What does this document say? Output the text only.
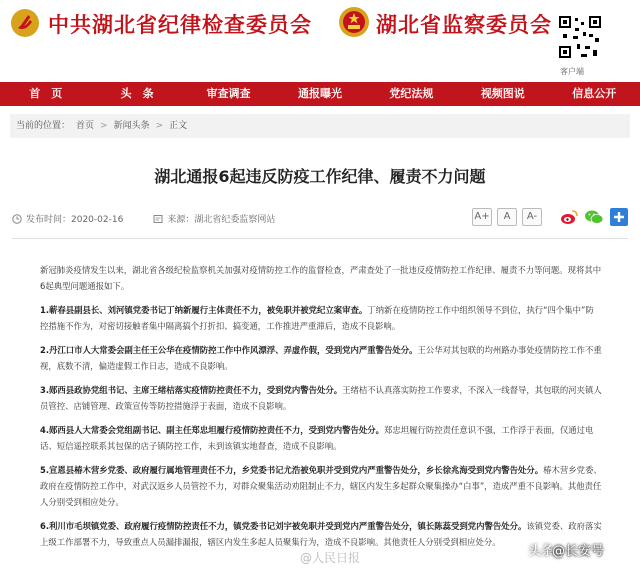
中共湖北省纪律检查委员会	湖北省监察委员会
客户端
首　页	头　条	审查调查	通报曝光	党纪法规	视频图说	信息公开
当前的位置： 首页 > 新闻头条 > 正文
湖北通报6起违反防疫工作纪律、履责不力问题
发布时间：2020-02-16	来源：湖北省纪委监察网站	A+	A	A-

新冠肺炎疫情发生以来，湖北省各级纪检监察机关加强对疫情防控工作的监督检查，严肃查处了一批违反疫情防控工作纪律、履责不力等问题。现将其中6起典型问题通报如下。

1.蕲春县副县长、刘河镇党委书记丁纳新履行主体责任不力，被免职并被党纪立案审查。丁纳新在疫情防控工作中组织领导不到位，执行“四个集中”防控措施不作为，对密切接触者集中隔离搞个打折扣、搞变通，工作推进严重滞后，造成不良影响。

2.丹江口市人大常委会副主任王公华在疫情防控工作中作风漂浮、弄虚作假，受到党内严重警告处分。王公华对其包联的均州路办事处疫情防控工作不重视，底数不清，偏造虚假工作日志，造成不良影响。

3.郧西县政协党组书记、主席王绪桔落实疫情防控责任不力，受到党内警告处分。王绪桔不认真落实防控工作要求，不深入一线督导，其包联的河夹镇人员管控、店铺管理、政策宣传等防控措施浮于表面，造成不良影响。

4.郧西县人大常委会党组副书记、副主任郑忠坦履行疫情防控责任不力，受到党内警告处分。郑忠坦履行防控责任意识不强，工作浮于表面，仅通过电话、短信遥控联系其包保的店子镇防控工作，未到该镇实地督查，造成不良影响。

5.宣恩县椿木营乡党委、政府履行属地管理责任不力，乡党委书记尤浩被免职并受到党内严重警告处分，乡长徐兆海受到党内警告处分。椿木营乡党委、政府在疫情防控工作中，对武汉返乡人员管控不力，对群众聚集活动劝阻制止不力，辖区内发生多起群众聚集操办“白事”，造成严重不良影响。其他责任人分别受到相应处分。

6.利川市毛坝镇党委、政府履行疫情防控责任不力，镇党委书记刘宇被免职并受到党内严重警告处分，镇长陈蕊受到党内警告处分。该镇党委、政府落实上级工作部署不力，导致重点人员漏排漏报，辖区内发生多起人员聚集行为，造成不良影响。其他责任人分别受到相应处分。

@人民日报	头条
@长安号
